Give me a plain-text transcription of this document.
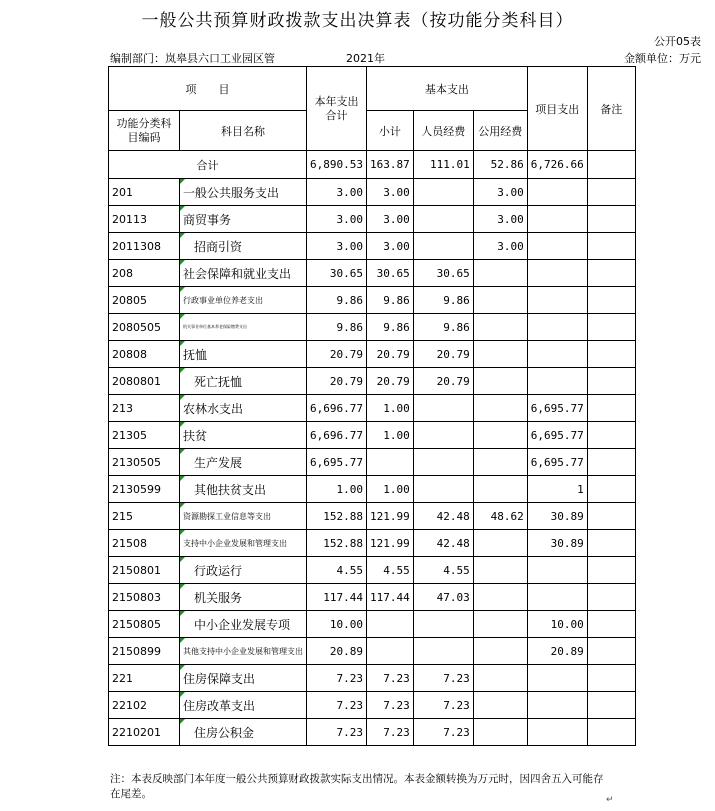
一般公共预算财政拨款支出决算表（按功能分类科目）
公开05表
编制部门：岚皋县六口工业园区管	2021年	金额单位：万元
项　　目		本年支出合计	基本支出			项目支出	备注
功能分类科目编码	科目名称		小计	人员经费	公用经费		
合计		6,890.53	163.87	111.01	52.86	6,726.66	
201	一般公共服务支出	3.00	3.00		3.00		
20113	商贸事务	3.00	3.00		3.00		
2011308	招商引资	3.00	3.00		3.00		
208	社会保障和就业支出	30.65	30.65	30.65			
20805	行政事业单位养老支出	9.86	9.86	9.86			
2080505	机关事业单位基本养老保险缴费支出	9.86	9.86	9.86			
20808	抚恤	20.79	20.79	20.79			
2080801	死亡抚恤	20.79	20.79	20.79			
213	农林水支出	6,696.77	1.00			6,695.77	
21305	扶贫	6,696.77	1.00			6,695.77	
2130505	生产发展	6,695.77				6,695.77	
2130599	其他扶贫支出	1.00	1.00			1	
215	资源勘探工业信息等支出	152.88	121.99	42.48	48.62	30.89	
21508	支持中小企业发展和管理支出	152.88	121.99	42.48		30.89	
2150801	行政运行	4.55	4.55	4.55			
2150803	机关服务	117.44	117.44	47.03			
2150805	中小企业发展专项	10.00				10.00	
2150899	其他支持中小企业发展和管理支出	20.89				20.89	
221	住房保障支出	7.23	7.23	7.23			
22102	住房改革支出	7.23	7.23	7.23			
2210201	住房公积金	7.23	7.23	7.23			
注：本表反映部门本年度一般公共预算财政拨款实际支出情况。本表金额转换为万元时，因四舍五入可能存在尾差。	↵
